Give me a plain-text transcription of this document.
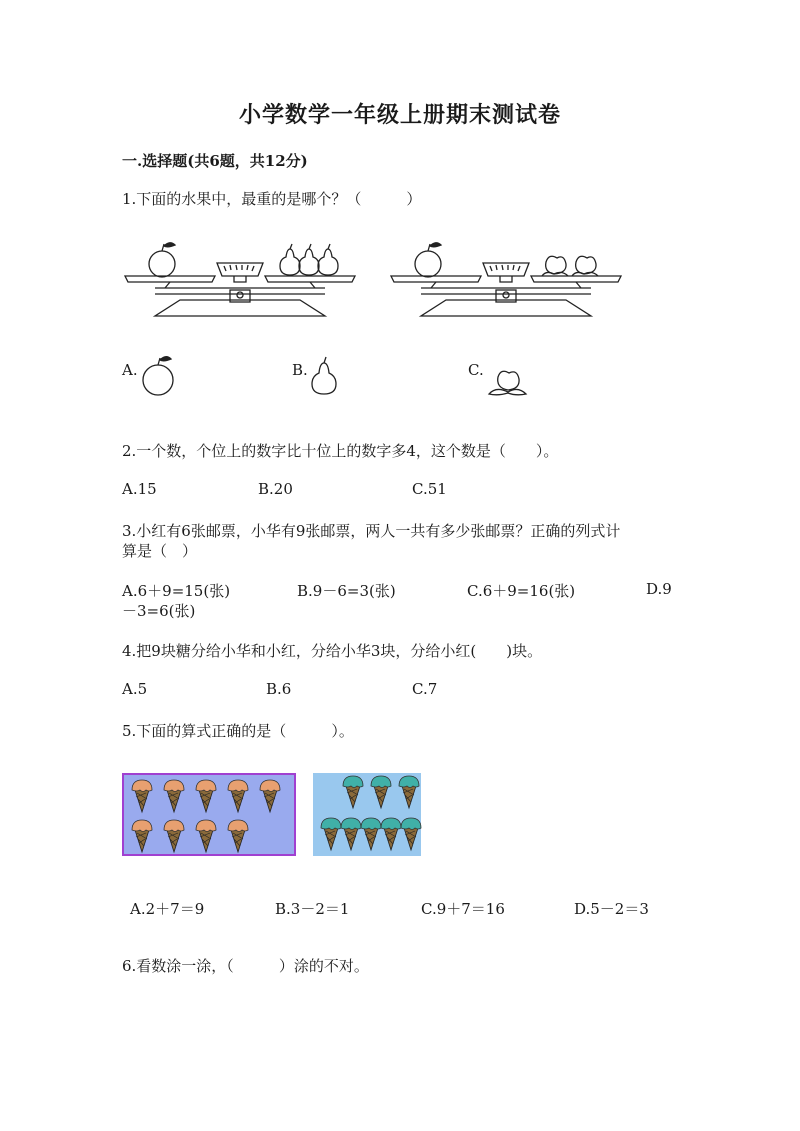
小学数学一年级上册期末测试卷
一.选择题(共6题，共12分)
1.下面的水果中，最重的是哪个？（　　　）
A.	B.	C.
2.一个数，个位上的数字比十位上的数字多4，这个数是（　　）。
A.15	B.20	C.51
3.小红有6张邮票，小华有9张邮票，两人一共有多少张邮票？正确的列式计
算是（　）
A.6＋9=15(张)	B.9－6=3(张)	C.6＋9=16(张)	D.9
－3=6(张)
4.把9块糖分给小华和小红，分给小华3块，分给小红(　　)块。
A.5	B.6	C.7
5.下面的算式正确的是（　　　）。
A.2＋7＝9	B.3－2＝1	C.9＋7＝16	D.5－2＝3
6.看数涂一涂，（　　　）涂的不对。
